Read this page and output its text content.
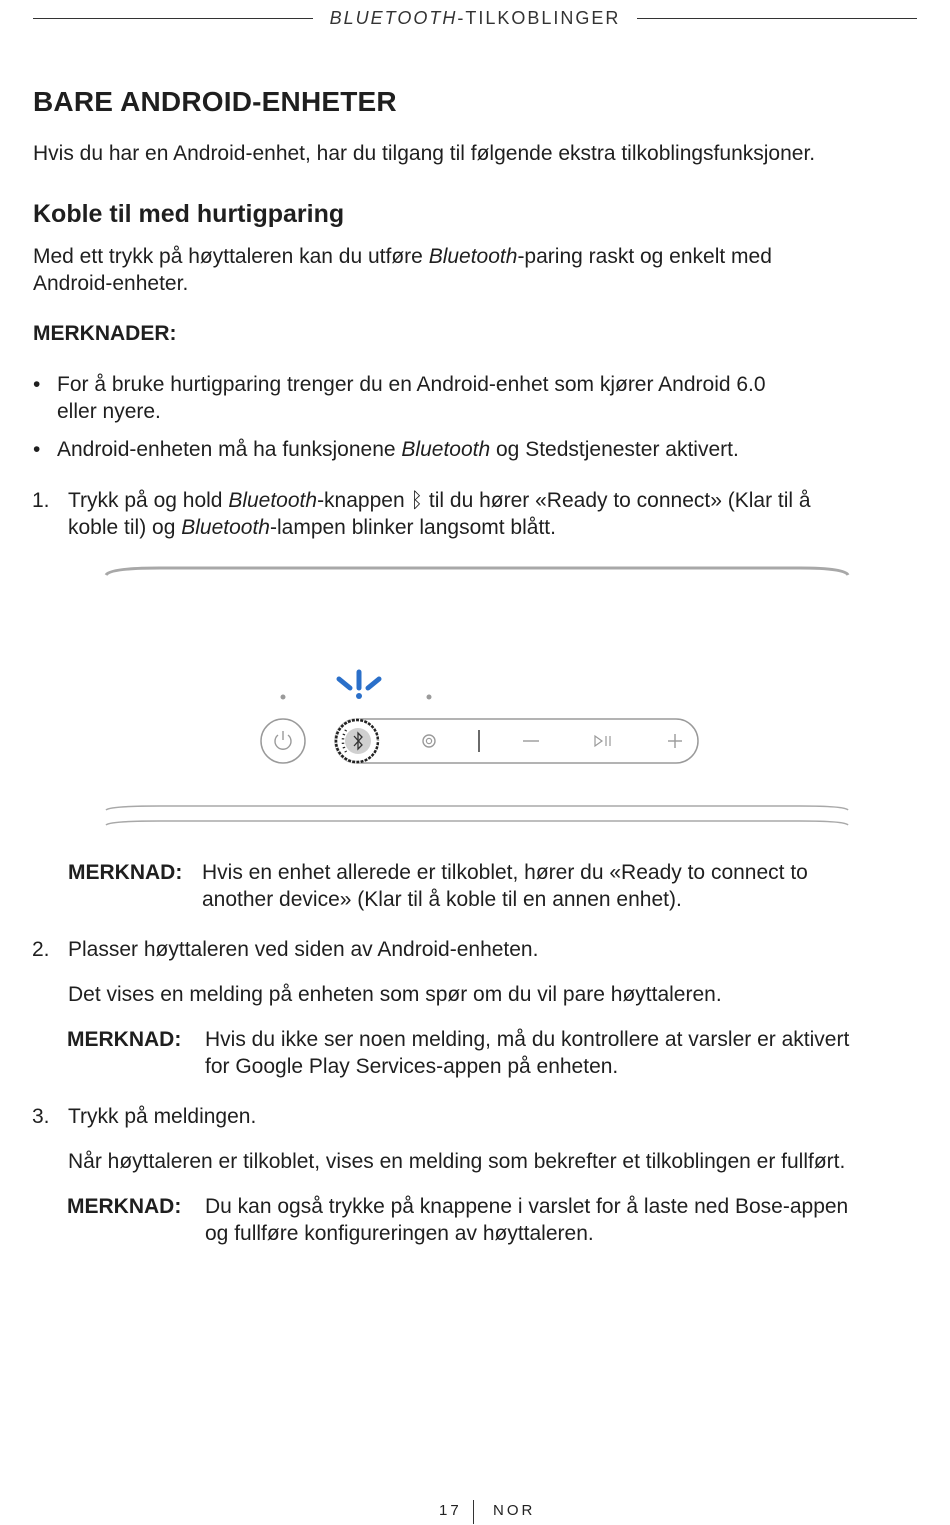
BLUETOOTH-TILKOBLINGER
BARE ANDROID-ENHETER
Hvis du har en Android-enhet, har du tilgang til følgende ekstra tilkoblingsfunksjoner.
Koble til med hurtigparing
Med ett trykk på høyttaleren kan du utføre Bluetooth-paring raskt og enkelt med
Android-enheter.
MERKNADER:
• For å bruke hurtigparing trenger du en Android-enhet som kjører Android 6.0
eller nyere.
• Android-enheten må ha funksjonene Bluetooth og Stedstjenester aktivert.
1. Trykk på og hold Bluetooth-knappen ᛒ til du hører «Ready to connect» (Klar til å
koble til) og Bluetooth-lampen blinker langsomt blått.
MERKNAD: Hvis en enhet allerede er tilkoblet, hører du «Ready to connect to
another device» (Klar til å koble til en annen enhet).
2. Plasser høyttaleren ved siden av Android-enheten.
Det vises en melding på enheten som spør om du vil pare høyttaleren.
MERKNAD: Hvis du ikke ser noen melding, må du kontrollere at varsler er aktivert
for Google Play Services-appen på enheten.
3. Trykk på meldingen.
Når høyttaleren er tilkoblet, vises en melding som bekrefter et tilkoblingen er fullført.
MERKNAD: Du kan også trykke på knappene i varslet for å laste ned Bose-appen
og fullføre konfigureringen av høyttaleren.
17 NOR
